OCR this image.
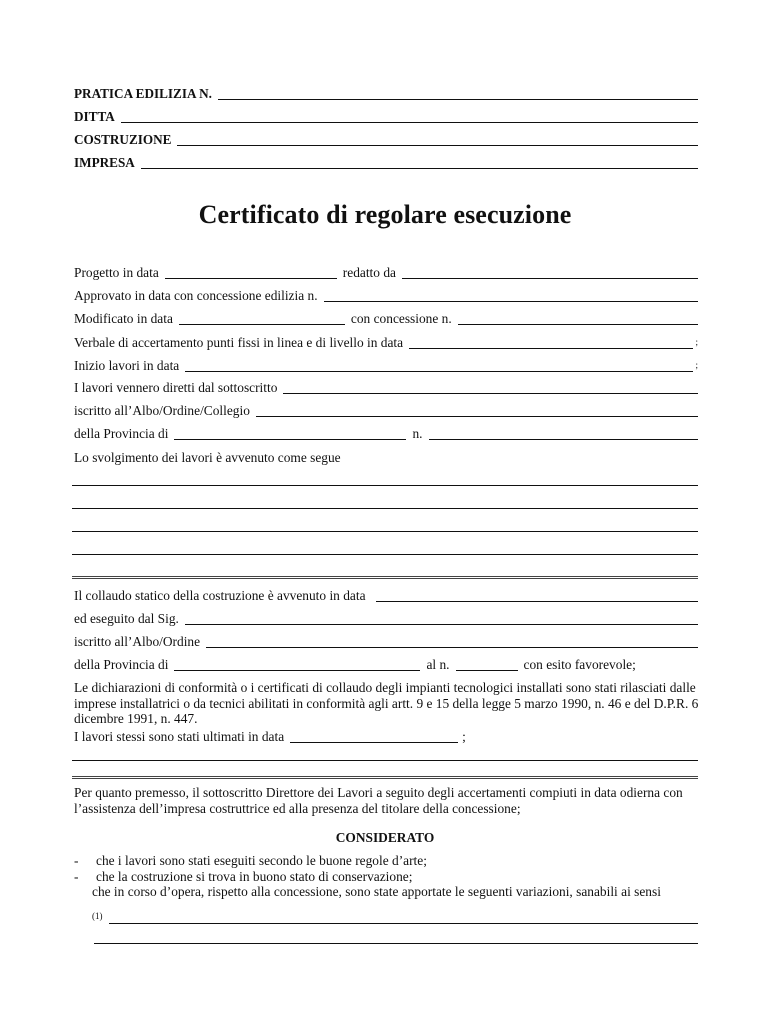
PRATICA EDILIZIA N.
DITTA
COSTRUZIONE
IMPRESA
Certificato di regolare esecuzione
Progetto in data	redatto da
Approvato in data con concessione edilizia n.
Modificato in data	con concessione n.
Verbale di accertamento punti fissi in linea e di livello in data	;
Inizio lavori in data	;
I lavori vennero diretti dal sottoscritto
iscritto all’Albo/Ordine/Collegio
della Provincia di	n.
Lo svolgimento dei lavori è avvenuto come segue
Il collaudo statico della costruzione è avvenuto in data
ed eseguito dal Sig.
iscritto all’Albo/Ordine
della Provincia di	al n.	con esito favorevole;
Le dichiarazioni di conformità o i certificati di collaudo degli impianti tecnologici installati sono stati rilasciati dalle imprese installatrici o da tecnici abilitati in conformità agli artt. 9 e 15 della legge 5 marzo 1990, n. 46 e del D.P.R. 6 dicembre 1991, n. 447.
I lavori stessi sono stati ultimati in data	;
Per quanto premesso, il sottoscritto Direttore dei Lavori a seguito degli accertamenti compiuti in data odierna con l’assistenza dell’impresa costruttrice ed alla presenza del titolare della concessione;
CONSIDERATO
- che i lavori sono stati eseguiti secondo le buone regole d’arte;
- che la costruzione si trova in buono stato di conservazione;
che in corso d’opera, rispetto alla concessione, sono state apportate le seguenti variazioni, sanabili ai sensi
(1)
